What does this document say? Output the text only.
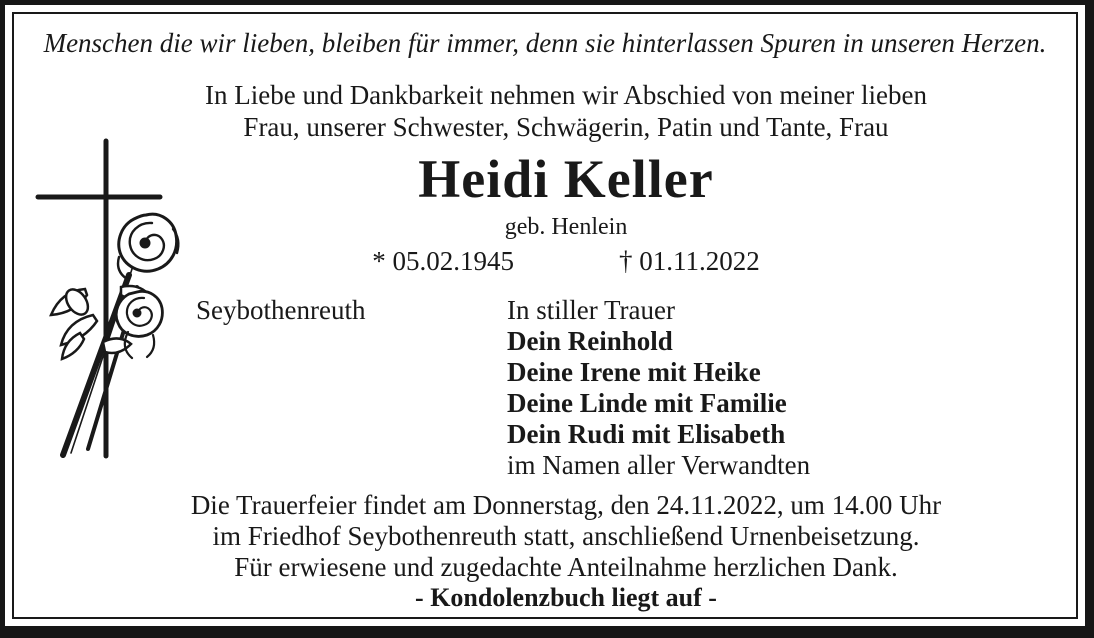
Menschen die wir lieben, bleiben für immer, denn sie hinterlassen Spuren in unseren Herzen.
In Liebe und Dankbarkeit nehmen wir Abschied von meiner lieben
Frau, unserer Schwester, Schwägerin, Patin und Tante, Frau
Heidi Keller
geb. Henlein
* 05.02.1945	† 01.11.2022
Seybothenreuth	In stiller Trauer
Dein Reinhold
Deine Irene mit Heike
Deine Linde mit Familie
Dein Rudi mit Elisabeth
im Namen aller Verwandten
Die Trauerfeier findet am Donnerstag, den 24.11.2022, um 14.00 Uhr
im Friedhof Seybothenreuth statt, anschließend Urnenbeisetzung.
Für erwiesene und zugedachte Anteilnahme herzlichen Dank.
- Kondolenzbuch liegt auf -
